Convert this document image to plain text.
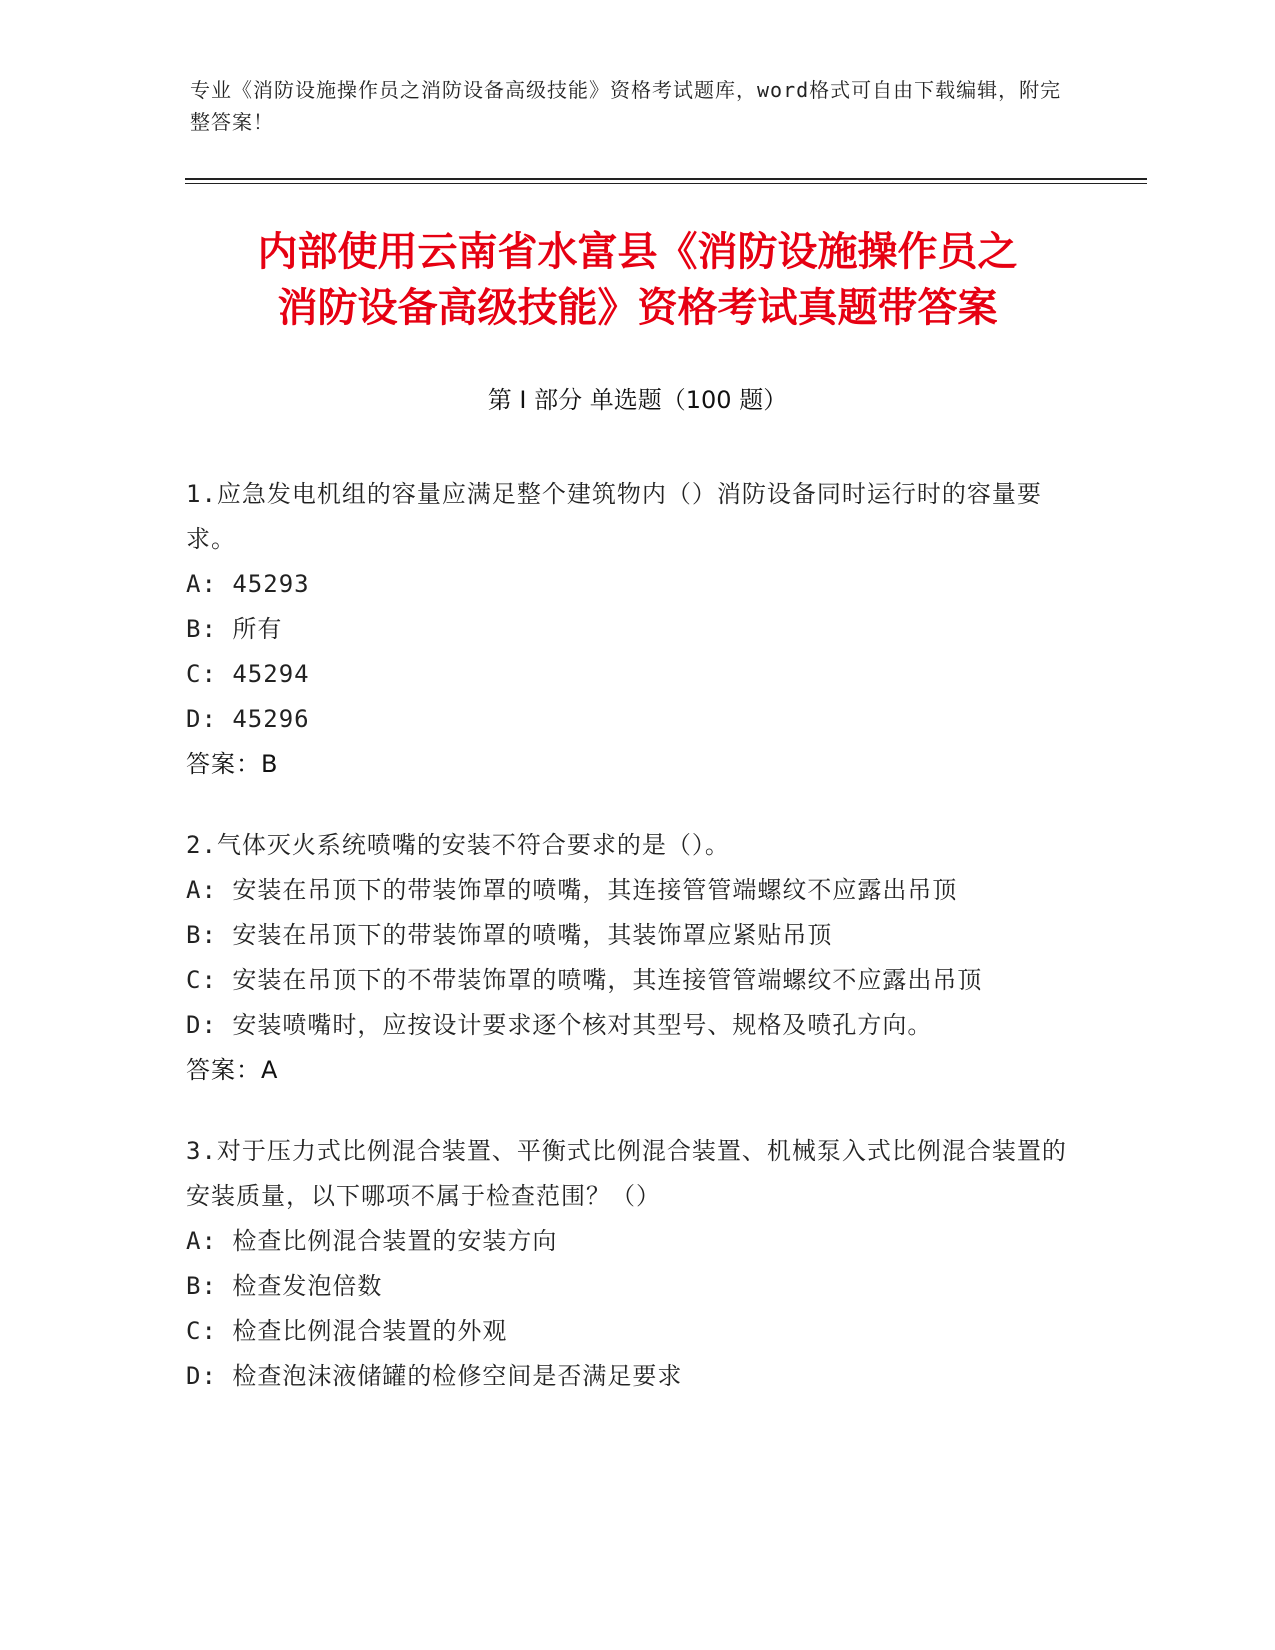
专业《消防设施操作员之消防设备高级技能》资格考试题库，word格式可自由下载编辑，附完整答案！
内部使用云南省水富县《消防设施操作员之
消防设备高级技能》资格考试真题带答案
第 I 部分 单选题（100 题）

1.应急发电机组的容量应满足整个建筑物内（）消防设备同时运行时的容量要求。

A: 45293

B: 所有

C: 45294

D: 45296

答案：B

2.气体灭火系统喷嘴的安装不符合要求的是（）。

A: 安装在吊顶下的带装饰罩的喷嘴，其连接管管端螺纹不应露出吊顶

B: 安装在吊顶下的带装饰罩的喷嘴，其装饰罩应紧贴吊顶

C: 安装在吊顶下的不带装饰罩的喷嘴，其连接管管端螺纹不应露出吊顶

D: 安装喷嘴时，应按设计要求逐个核对其型号、规格及喷孔方向。

答案：A

3.对于压力式比例混合装置、平衡式比例混合装置、机械泵入式比例混合装置的安装质量，以下哪项不属于检查范围？（）

A: 检查比例混合装置的安装方向

B: 检查发泡倍数

C: 检查比例混合装置的外观

D: 检查泡沫液储罐的检修空间是否满足要求
